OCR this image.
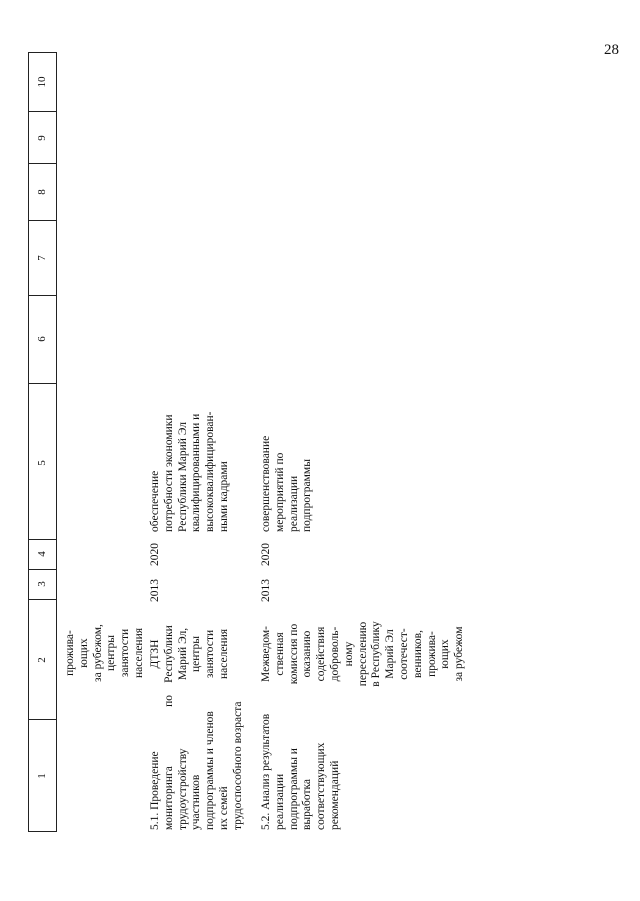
28
1
2
3
4
5
6
7
8
9
10
прожива- ющих за рубежом, центры занятости населения
5.1. Проведение мониторинга
по
трудоустройству участников подпрограммы и членов их семей трудоспособного возраста
ДТЗН Республики Марий Эл, центры занятости населения
2013
2020
обеспечение потребности экономики Республики Марий Эл квалифицированными и высококвалифицирован- ными кадрами
5.2. Анализ результатов реализации подпрограммы и выработка соответствующих рекомендаций
Межведом- ственная комиссия по оказанию содействия доброволь- ному переселению в Республику Марий Эл соотечест- венников, прожива- ющих за рубежом
2013
2020
совершенствование мероприятий по реализации подпрограммы
